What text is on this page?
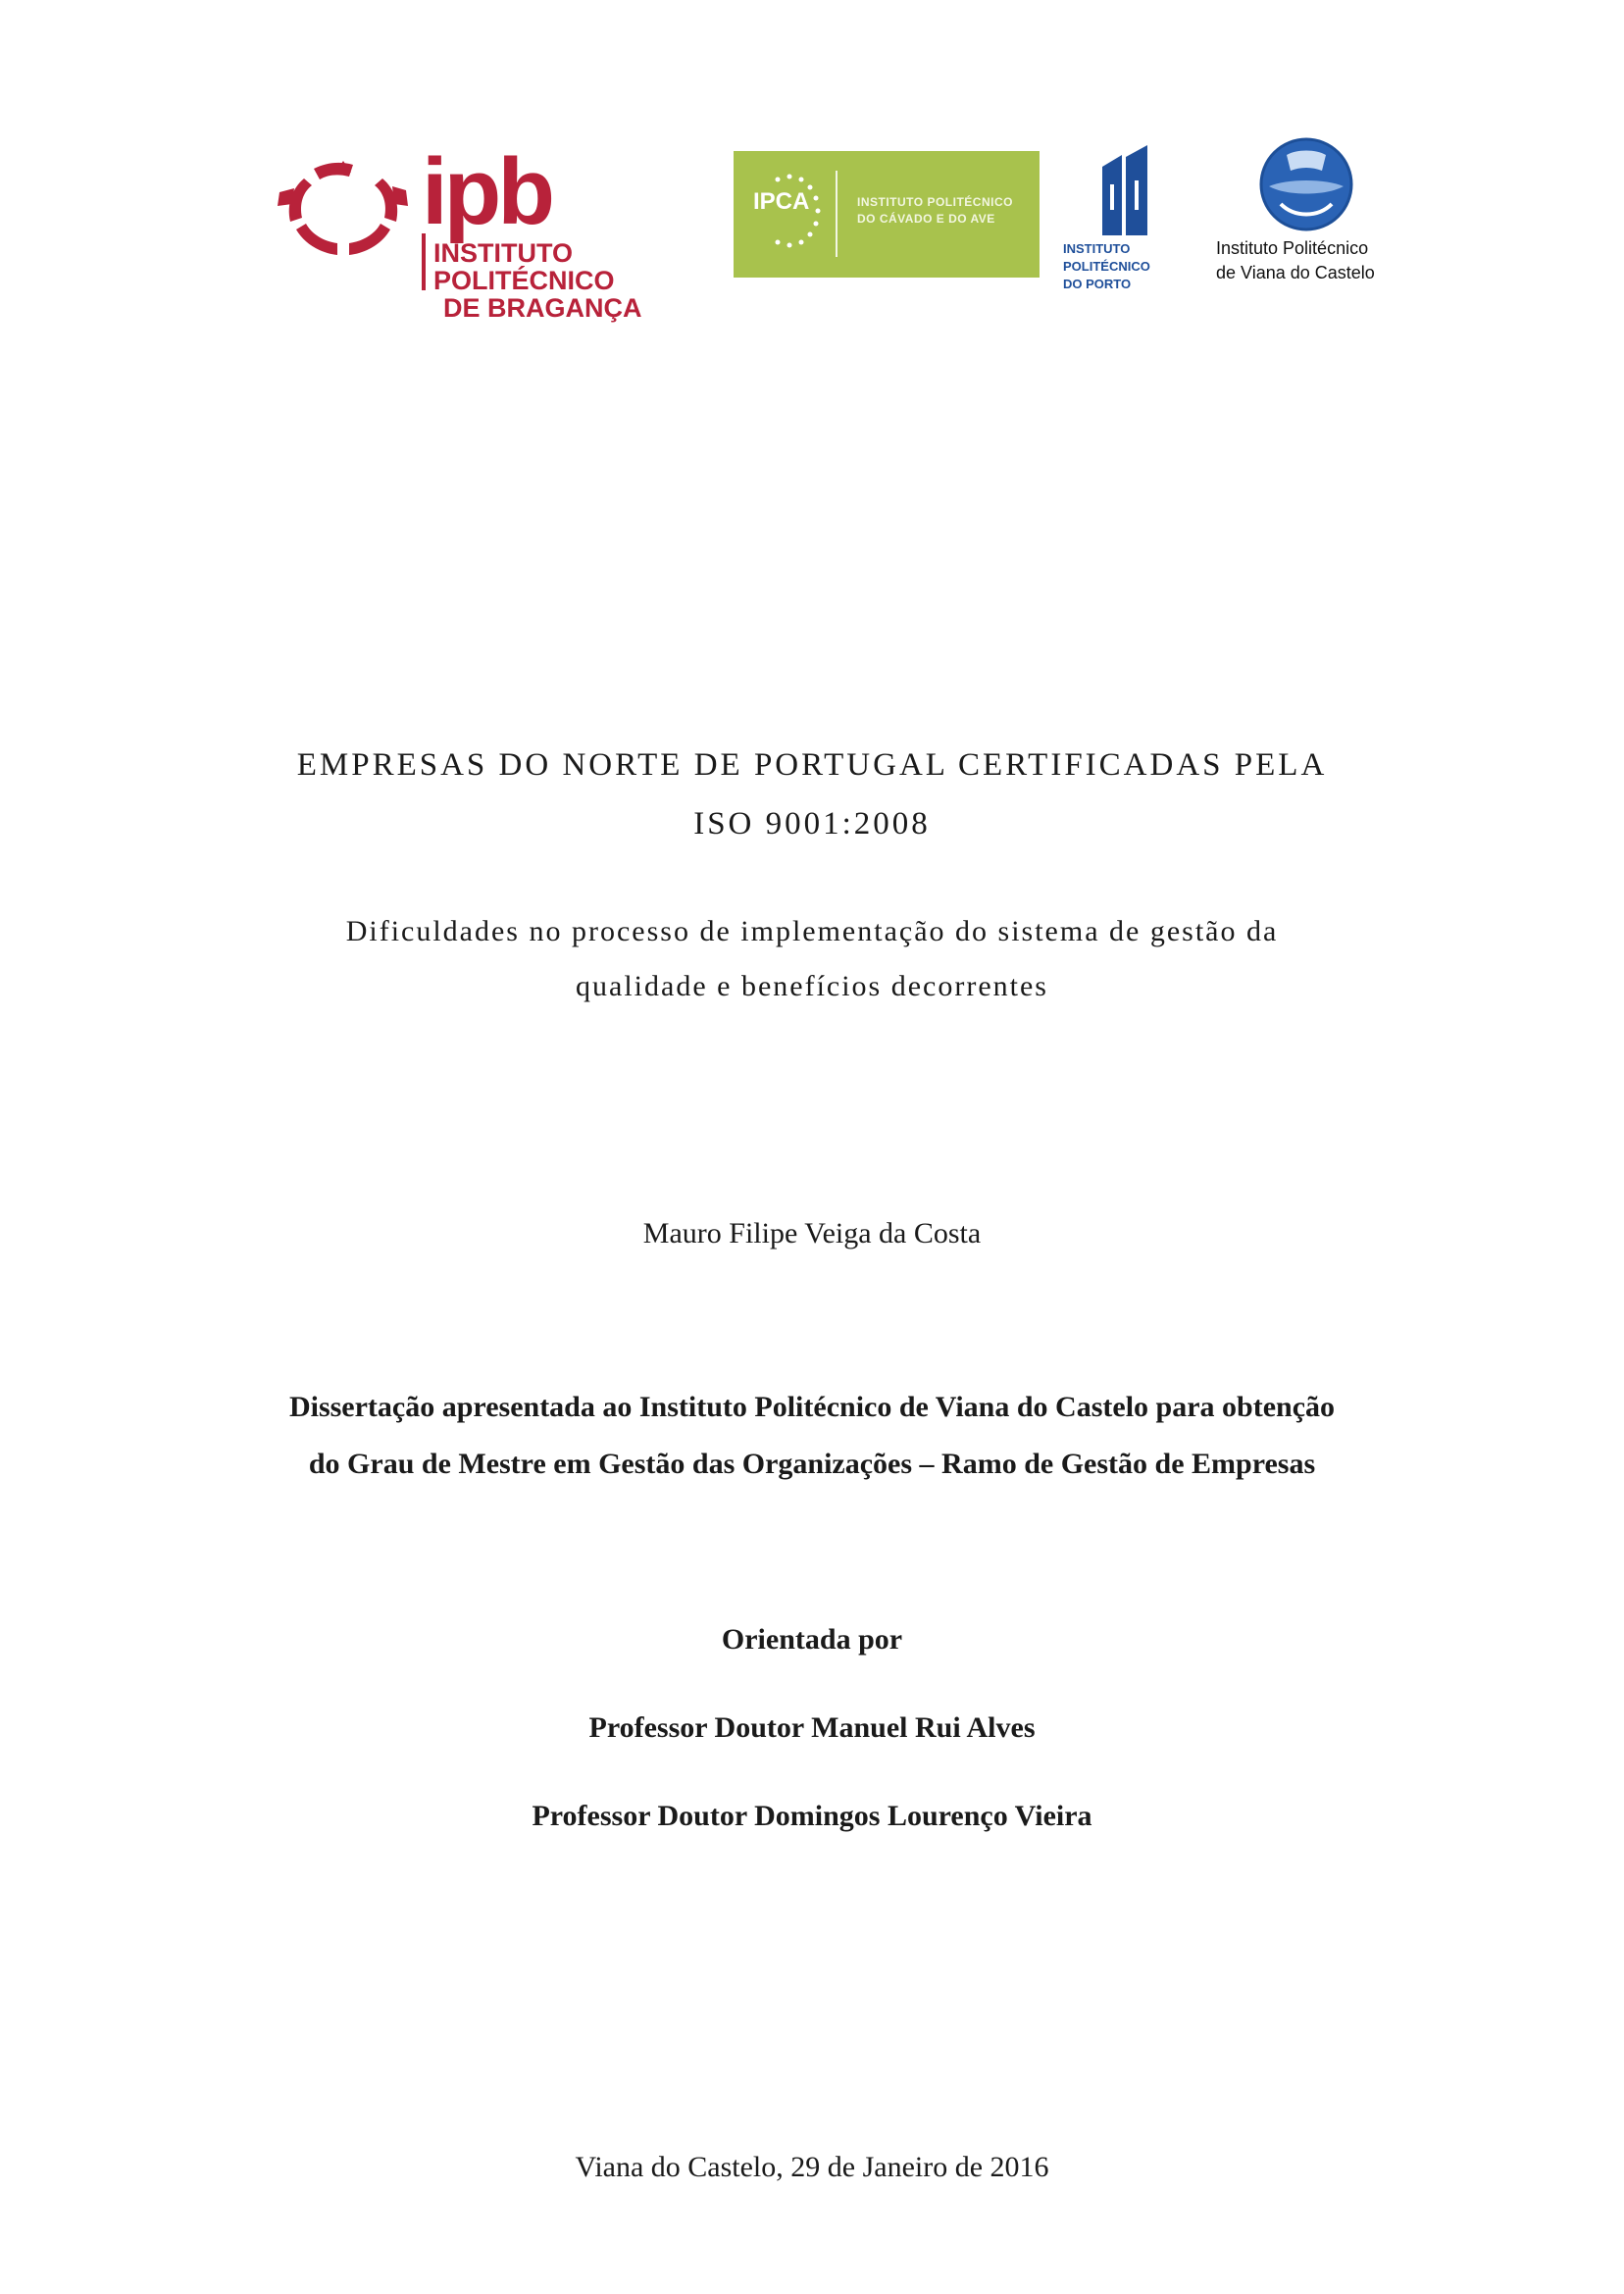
ipb
INSTITUTO POLITÉCNICO
DE BRAGANÇA
IPCA	INSTITUTO POLITÉCNICO
DO CÁVADO E DO AVE
INSTITUTO
POLITÉCNICO DO PORTO
Instituto Politécnico
de Viana do Castelo
EMPRESAS DO NORTE DE PORTUGAL CERTIFICADAS PELA
ISO 9001:2008
Dificuldades no processo de implementação do sistema de gestão da
qualidade e benefícios decorrentes
Mauro Filipe Veiga da Costa
Dissertação apresentada ao Instituto Politécnico de Viana do Castelo para obtenção
do Grau de Mestre em Gestão das Organizações – Ramo de Gestão de Empresas
Orientada por
Professor Doutor Manuel Rui Alves
Professor Doutor Domingos Lourenço Vieira
Viana do Castelo, 29 de Janeiro de 2016
